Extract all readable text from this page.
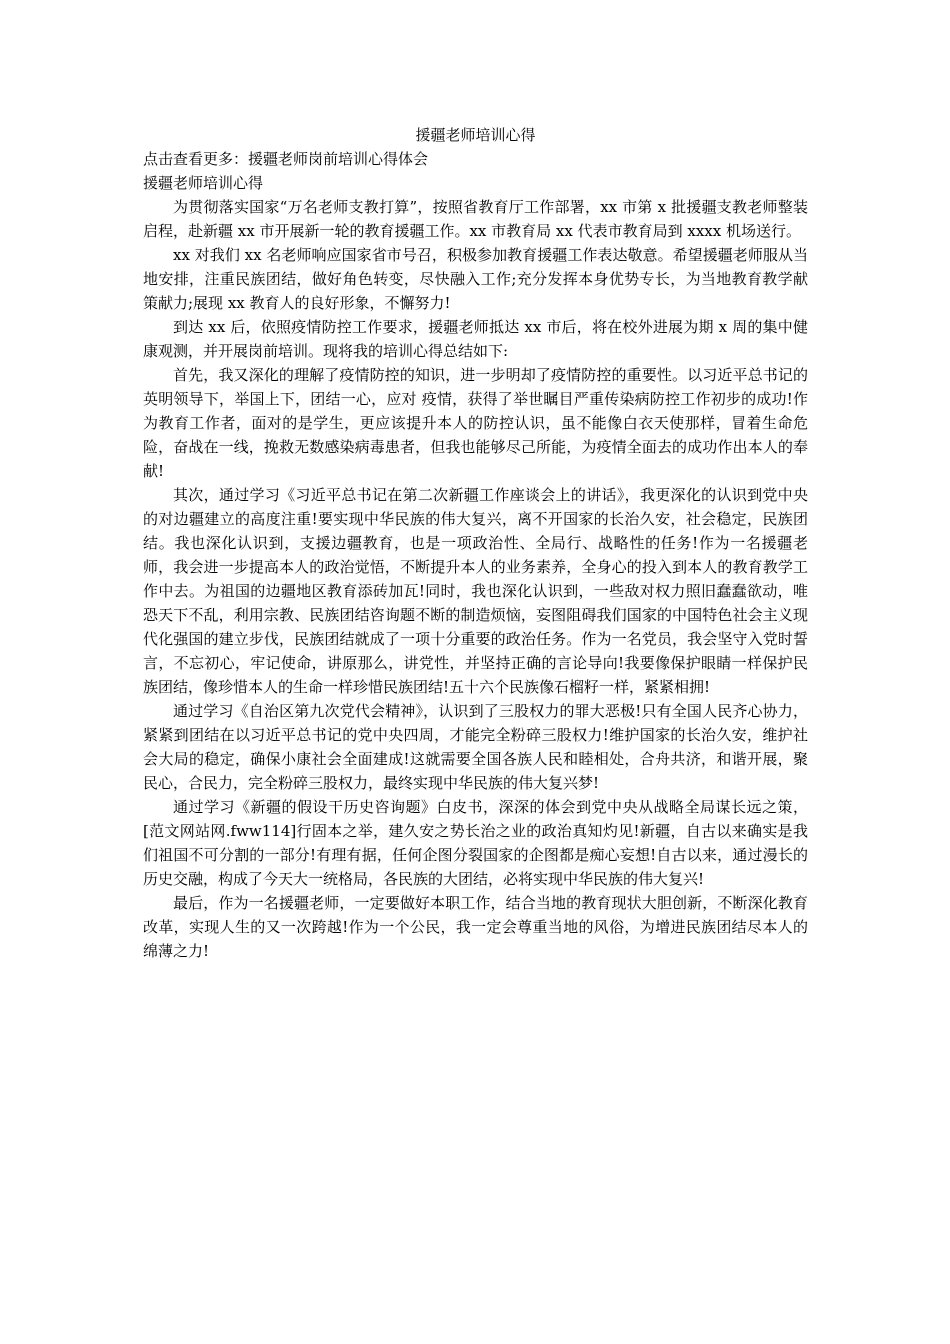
援疆老师培训心得

点击查看更多：援疆老师岗前培训心得体会

援疆老师培训心得

为贯彻落实国家“万名老师支教打算”，按照省教育厅工作部署，xx 市第 x 批援疆支教老师整装启程，赴新疆 xx 市开展新一轮的教育援疆工作。xx 市教育局 xx 代表市教育局到 xxxx 机场送行。

xx 对我们 xx 名老师响应国家省市号召，积极参加教育援疆工作表达敬意。希望援疆老师服从当地安排，注重民族团结，做好角色转变，尽快融入工作;充分发挥本身优势专长，为当地教育教学献策献力;展现 xx 教育人的良好形象，不懈努力!

到达 xx 后，依照疫情防控工作要求，援疆老师抵达 xx 市后，将在校外进展为期 x 周的集中健康观测，并开展岗前培训。现将我的培训心得总结如下:

首先，我又深化的理解了疫情防控的知识，进一步明却了疫情防控的重要性。以习近平总书记的英明领导下，举国上下，团结一心，应对 疫情，获得了举世瞩目严重传染病防控工作初步的成功!作为教育工作者，面对的是学生，更应该提升本人的防控认识，虽不能像白衣天使那样，冒着生命危险，奋战在一线，挽救无数感染病毒患者，但我也能够尽己所能，为疫情全面去的成功作出本人的奉献!

其次，通过学习《习近平总书记在第二次新疆工作座谈会上的讲话》，我更深化的认识到党中央的对边疆建立的高度注重!要实现中华民族的伟大复兴，离不开国家的长治久安，社会稳定，民族团结。我也深化认识到，支援边疆教育，也是一项政治性、全局行、战略性的任务!作为一名援疆老师，我会进一步提高本人的政治觉悟，不断提升本人的业务素养，全身心的投入到本人的教育教学工作中去。为祖国的边疆地区教育添砖加瓦!同时，我也深化认识到，一些敌对权力照旧蠢蠢欲动，唯恐天下不乱，利用宗教、民族团结咨询题不断的制造烦恼，妄图阻碍我们国家的中国特色社会主义现代化强国的建立步伐，民族团结就成了一项十分重要的政治任务。作为一名党员，我会坚守入党时誓言，不忘初心，牢记使命，讲原那么，讲党性，并坚持正确的言论导向!我要像保护眼睛一样保护民族团结，像珍惜本人的生命一样珍惜民族团结!五十六个民族像石榴籽一样，紧紧相拥!

通过学习《自治区第九次党代会精神》，认识到了三股权力的罪大恶极!只有全国人民齐心协力，紧紧到团结在以习近平总书记的党中央四周，才能完全粉碎三股权力!维护国家的长治久安，维护社会大局的稳定，确保小康社会全面建成!这就需要全国各族人民和睦相处，合舟共济，和谐开展，聚民心，合民力，完全粉碎三股权力，最终实现中华民族的伟大复兴梦!

通过学习《新疆的假设干历史咨询题》白皮书，深深的体会到党中央从战略全局谋长远之策，[范文网站网.fww114]行固本之举，建久安之势长治之业的政治真知灼见!新疆，自古以来确实是我们祖国不可分割的一部分!有理有据，任何企图分裂国家的企图都是痴心妄想!自古以来，通过漫长的历史交融，构成了今天大一统格局，各民族的大团结，必将实现中华民族的伟大复兴!

最后，作为一名援疆老师，一定要做好本职工作，结合当地的教育现状大胆创新，不断深化教育改革，实现人生的又一次跨越!作为一个公民，我一定会尊重当地的风俗，为增进民族团结尽本人的绵薄之力!
